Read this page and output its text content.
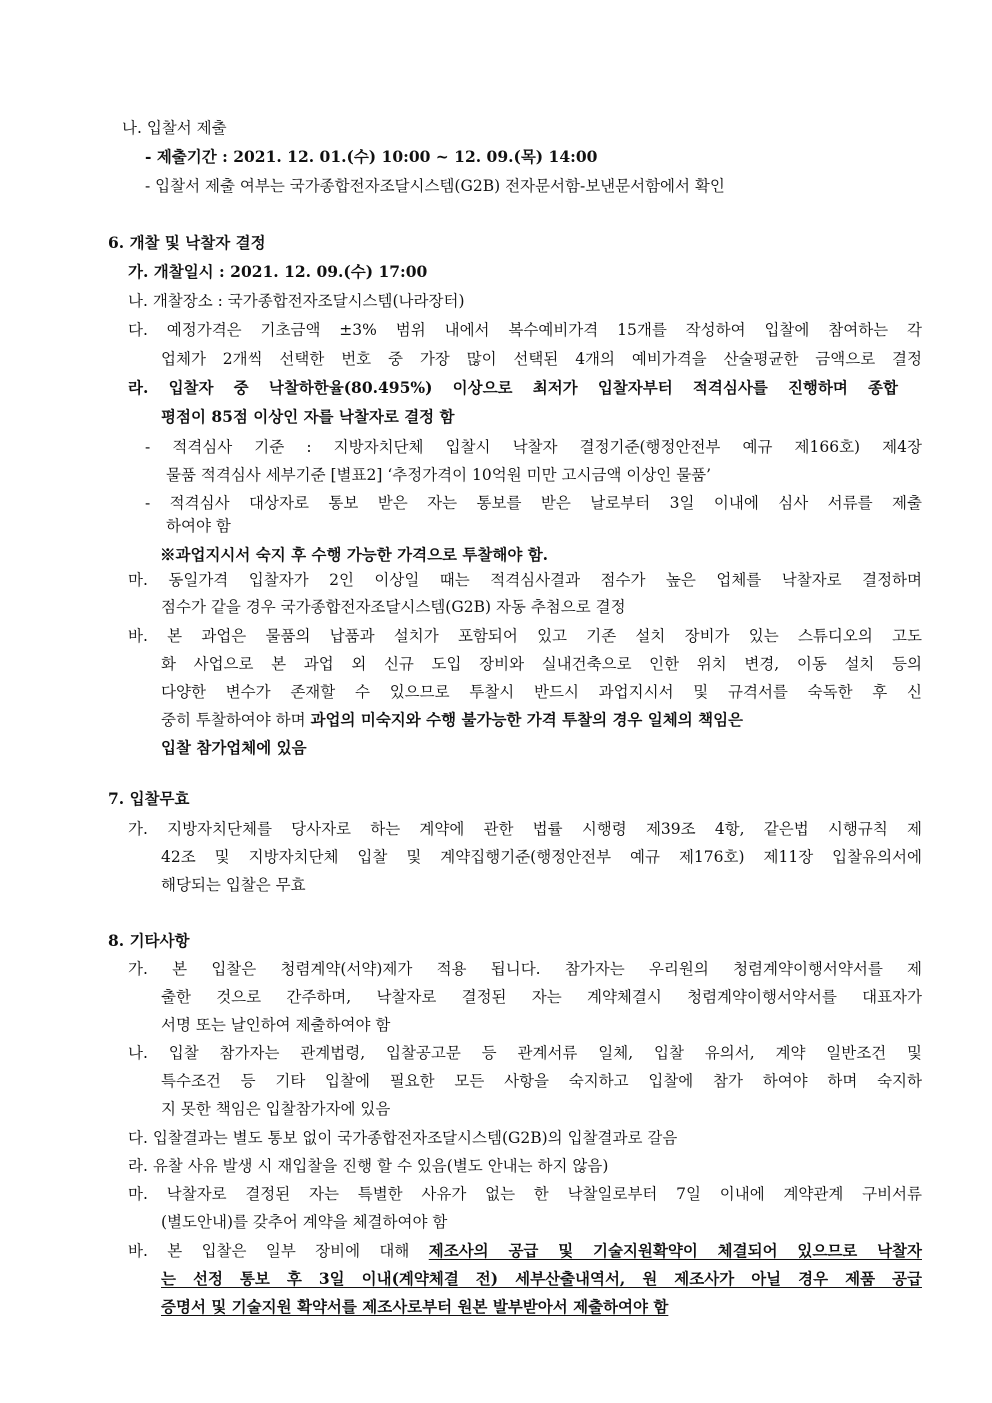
나. 입찰서 제출
- 제출기간 : 2021. 12. 01.(수) 10:00 ~ 12. 09.(목) 14:00
- 입찰서 제출 여부는 국가종합전자조달시스템(G2B) 전자문서함-보낸문서함에서 확인
6. 개찰 및 낙찰자 결정
가. 개찰일시 : 2021. 12. 09.(수) 17:00
나. 개찰장소 : 국가종합전자조달시스템(나라장터)
다. 예정가격은 기초금액 ±3% 범위 내에서 복수예비가격 15개를 작성하여 입찰에 참여하는 각
업체가 2개씩 선택한 번호 중 가장 많이 선택된 4개의 예비가격을 산술평균한 금액으로 결정
라. 입찰자 중 낙찰하한율(80.495%) 이상으로 최저가 입찰자부터 적격심사를 진행하며 종합
평점이 85점 이상인 자를 낙찰자로 결정 함
- 적격심사 기준 : 지방자치단체 입찰시 낙찰자 결정기준(행정안전부 예규 제166호) 제4장
물품 적격심사 세부기준 [별표2] ‘추정가격이 10억원 미만 고시금액 이상인 물품’
- 적격심사 대상자로 통보 받은 자는 통보를 받은 날로부터 3일 이내에 심사 서류를 제출
하여야 함
※과업지시서 숙지 후 수행 가능한 가격으로 투찰해야 함.
마. 동일가격 입찰자가 2인 이상일 때는 적격심사결과 점수가 높은 업체를 낙찰자로 결정하며
점수가 같을 경우 국가종합전자조달시스템(G2B) 자동 추첨으로 결정
바. 본 과업은 물품의 납품과 설치가 포함되어 있고 기존 설치 장비가 있는 스튜디오의 고도
화 사업으로 본 과업 외 신규 도입 장비와 실내건축으로 인한 위치 변경, 이동 설치 등의
다양한 변수가 존재할 수 있으므로 투찰시 반드시 과업지시서 및 규격서를 숙독한 후 신
중히 투찰하여야 하며 과업의 미숙지와 수행 불가능한 가격 투찰의 경우 일체의 책임은
입찰 참가업체에 있음
7. 입찰무효
가. 지방자치단체를 당사자로 하는 계약에 관한 법률 시행령 제39조 4항, 같은법 시행규칙 제
42조 및 지방자치단체 입찰 및 계약집행기준(행정안전부 예규 제176호) 제11장 입찰유의서에
해당되는 입찰은 무효
8. 기타사항
가. 본 입찰은 청렴계약(서약)제가 적용 됩니다. 참가자는 우리원의 청렴계약이행서약서를 제
출한 것으로 간주하며, 낙찰자로 결정된 자는 계약체결시 청렴계약이행서약서를 대표자가
서명 또는 날인하여 제출하여야 함
나. 입찰 참가자는 관계법령, 입찰공고문 등 관계서류 일체, 입찰 유의서, 계약 일반조건 및
특수조건 등 기타 입찰에 필요한 모든 사항을 숙지하고 입찰에 참가 하여야 하며 숙지하
지 못한 책임은 입찰참가자에 있음
다. 입찰결과는 별도 통보 없이 국가종합전자조달시스템(G2B)의 입찰결과로 갈음
라. 유찰 사유 발생 시 재입찰을 진행 할 수 있음(별도 안내는 하지 않음)
마. 낙찰자로 결정된 자는 특별한 사유가 없는 한 낙찰일로부터 7일 이내에 계약관계 구비서류
(별도안내)를 갖추어 계약을 체결하여야 함
바. 본 입찰은 일부 장비에 대해 제조사의 공급 및 기술지원확약이 체결되어 있으므로 낙찰자
는 선정 통보 후 3일 이내(계약체결 전) 세부산출내역서, 원 제조사가 아닐 경우 제품 공급
증명서 및 기술지원 확약서를 제조사로부터 원본 발부받아서 제출하여야 함
